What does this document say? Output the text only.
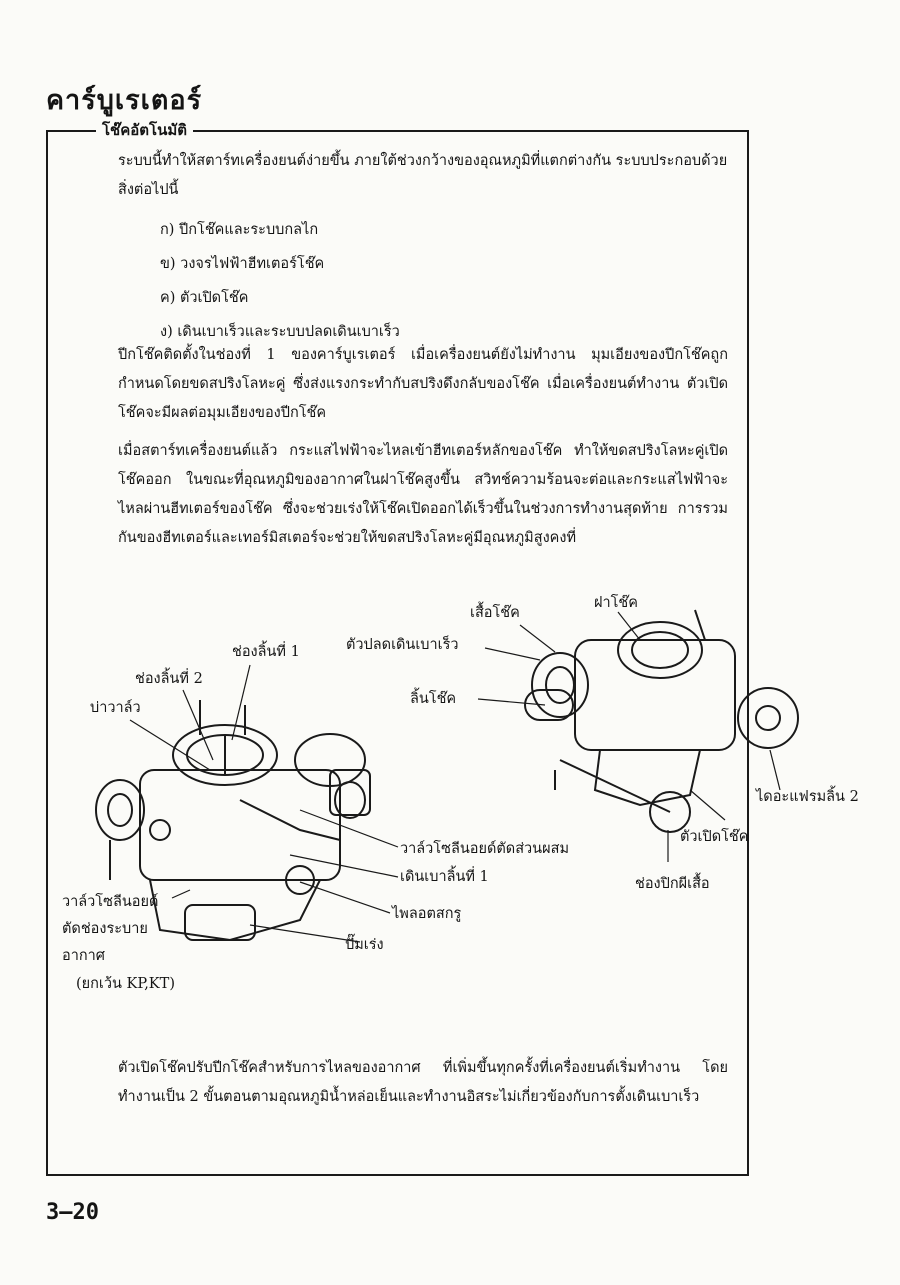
คาร์บูเรเตอร์
โช๊คอัตโนมัติ

ระบบนี้ทำให้สตาร์ทเครื่องยนต์ง่ายขึ้น ภายใต้ช่วงกว้างของอุณหภูมิที่แตกต่างกัน ระบบประกอบด้วยสิ่งต่อไปนี้

ก) ปีกโช๊คและระบบกลไก
ข) วงจรไฟฟ้าฮีทเตอร์โช๊ค
ค) ตัวเปิดโช๊ค
ง) เดินเบาเร็วและระบบปลดเดินเบาเร็ว

ปีกโช๊คติดตั้งในช่องที่ 1 ของคาร์บูเรเตอร์ เมื่อเครื่องยนต์ยังไม่ทำงาน มุมเอียงของปีกโช๊คถูกกำหนดโดยขดสปริงโลหะคู่ ซึ่งส่งแรงกระทำกับสปริงดึงกลับของโช๊ค เมื่อเครื่องยนต์ทำงาน ตัวเปิดโช๊คจะมีผลต่อมุมเอียงของปีกโช๊ค

เมื่อสตาร์ทเครื่องยนต์แล้ว กระแสไฟฟ้าจะไหลเข้าฮีทเตอร์หลักของโช๊ค ทำให้ขดสปริงโลหะคู่เปิดโช๊คออก ในขณะที่อุณหภูมิของอากาศในฝาโช๊คสูงขึ้น สวิทช์ความร้อนจะต่อและกระแสไฟฟ้าจะไหลผ่านฮีทเตอร์ของโช๊ค ซึ่งจะช่วยเร่งให้โช๊คเปิดออกได้เร็วขึ้นในช่วงการทำงานสุดท้าย การรวมกันของฮีทเตอร์และเทอร์มิสเตอร์จะช่วยให้ขดสปริงโลหะคู่มีอุณหภูมิสูงคงที่

ช่องลิ้นที่ 1

ช่องลิ้นที่ 2

บ่าวาล์ว

วาล์วโซลีนอยด์ตัดส่วนผสม

เดินเบาลิ้นที่ 1

ไพลอตสกรู

ปั๊มเร่ง

วาล์วโซลีนอยด์

ตัดช่องระบาย

อากาศ

(ยกเว้น KP,KT)

เสื้อโช๊ค

ฝาโช๊ค

ตัวปลดเดินเบาเร็ว

ลิ้นโช๊ค

ไดอะแฟรมลิ้น 2

ตัวเปิดโช๊ค

ช่องปิกผีเสื้อ

ตัวเปิดโช๊คปรับปีกโช๊คสำหรับการไหลของอากาศ ที่เพิ่มขึ้นทุกครั้งที่เครื่องยนต์เริ่มทำงาน โดยทำงานเป็น 2 ขั้นตอนตามอุณหภูมิน้ำหล่อเย็นและทำงานอิสระไม่เกี่ยวข้องกับการตั้งเดินเบาเร็ว

3–20
